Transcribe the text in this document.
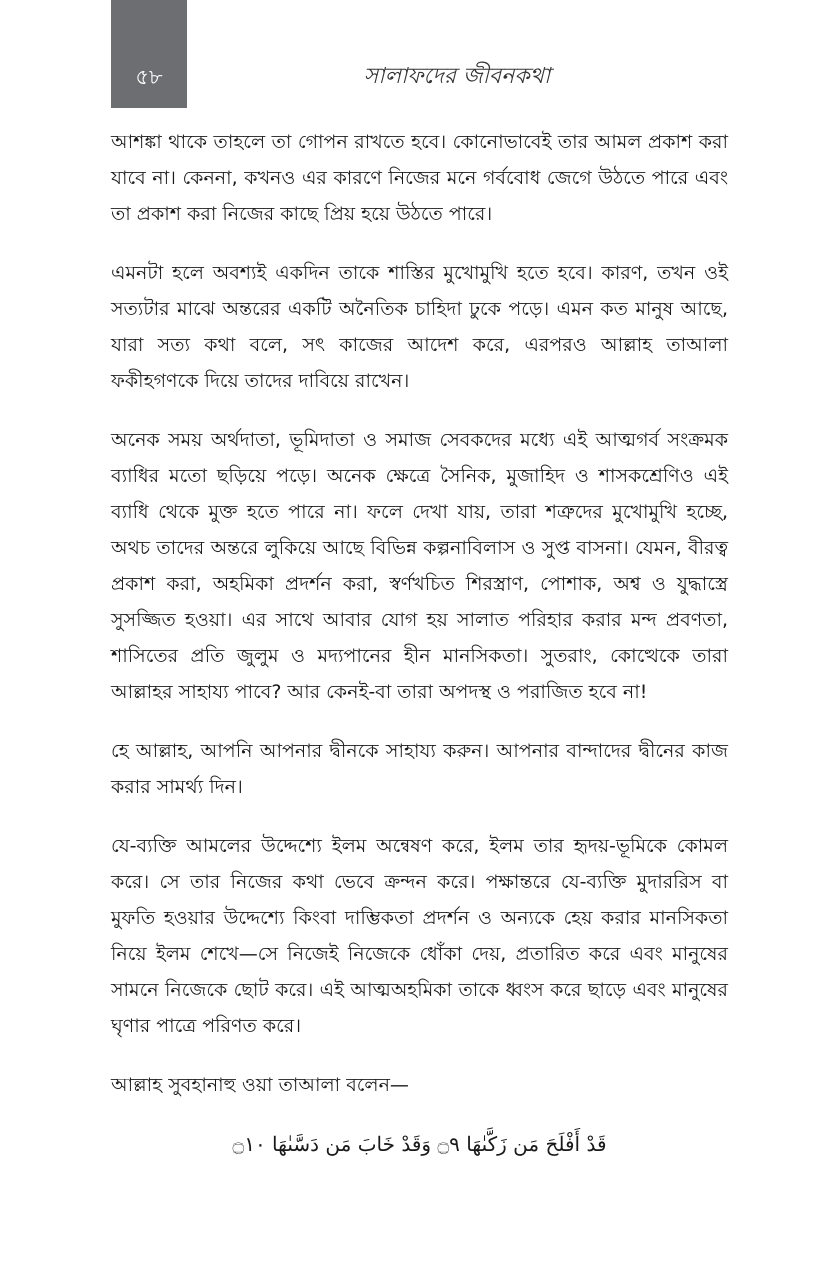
৫৮	সালাফদের জীবনকথা

আশঙ্কা থাকে তাহলে তা গোপন রাখতে হবে। কোনোভাবেই তার আমল প্রকাশ করা যাবে না। কেননা, কখনও এর কারণে নিজের মনে গর্ববোধ জেগে উঠতে পারে এবং তা প্রকাশ করা নিজের কাছে প্রিয় হয়ে উঠতে পারে।

এমনটা হলে অবশ্যই একদিন তাকে শাস্তির মুখোমুখি হতে হবে। কারণ, তখন ওই সত্যটার মাঝে অন্তরের একটি অনৈতিক চাহিদা ঢুকে পড়ে। এমন কত মানুষ আছে, যারা সত্য কথা বলে, সৎ কাজের আদেশ করে, এরপরও আল্লাহ তাআলা ফকীহগণকে দিয়ে তাদের দাবিয়ে রাখেন।

অনেক সময় অর্থদাতা, ভূমিদাতা ও সমাজ সেবকদের মধ্যে এই আত্মগর্ব সংক্রমক ব্যাধির মতো ছড়িয়ে পড়ে। অনেক ক্ষেত্রে সৈনিক, মুজাহিদ ও শাসকশ্রেণিও এই ব্যাধি থেকে মুক্ত হতে পারে না। ফলে দেখা যায়, তারা শত্রুদের মুখোমুখি হচ্ছে, অথচ তাদের অন্তরে লুকিয়ে আছে বিভিন্ন কল্পনাবিলাস ও সুপ্ত বাসনা। যেমন, বীরত্ব প্রকাশ করা, অহমিকা প্রদর্শন করা, স্বর্ণখচিত শিরস্ত্রাণ, পোশাক, অশ্ব ও যুদ্ধাস্ত্রে সুসজ্জিত হওয়া। এর সাথে আবার যোগ হয় সালাত পরিহার করার মন্দ প্রবণতা, শাসিতের প্রতি জুলুম ও মদ্যপানের হীন মানসিকতা। সুতরাং, কোত্থেকে তারা আল্লাহর সাহায্য পাবে? আর কেনই-বা তারা অপদস্থ ও পরাজিত হবে না!

হে আল্লাহ, আপনি আপনার দ্বীনকে সাহায্য করুন। আপনার বান্দাদের দ্বীনের কাজ করার সামর্থ্য দিন।

যে-ব্যক্তি আমলের উদ্দেশ্যে ইলম অন্বেষণ করে, ইলম তার হৃদয়-ভূমিকে কোমল করে। সে তার নিজের কথা ভেবে ক্রন্দন করে। পক্ষান্তরে যে-ব্যক্তি মুদাররিস বা মুফতি হওয়ার উদ্দেশ্যে কিংবা দাম্ভিকতা প্রদর্শন ও অন্যকে হেয় করার মানসিকতা নিয়ে ইলম শেখে—সে নিজেই নিজেকে ধোঁকা দেয়, প্রতারিত করে এবং মানুষের সামনে নিজেকে ছোট করে। এই আত্মঅহমিকা তাকে ধ্বংস করে ছাড়ে এবং মানুষের ঘৃণার পাত্রে পরিণত করে।

আল্লাহ সুবহানাহু ওয়া তাআলা বলেন—

قَدْ أَفْلَحَ مَن زَكَّىٰهَا ۝٩ وَقَدْ خَابَ مَن دَسَّىٰهَا ۝١٠
